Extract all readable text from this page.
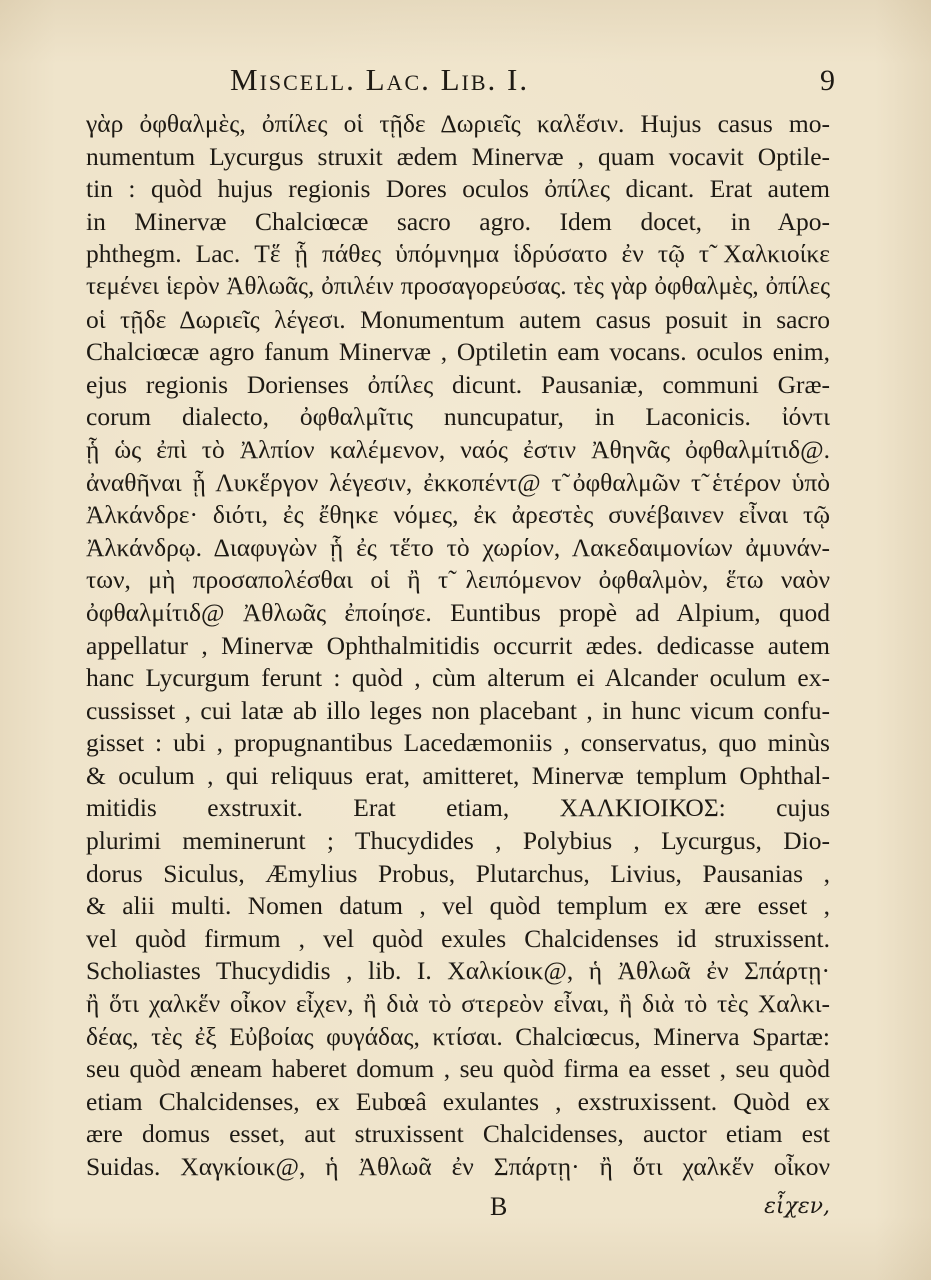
Miscell. Lac. Lib. I.	9
γὰρ ὀφθαλμὲς, ὀπίλες οἱ τῇδε Δωριεῖς καλἕσιν. Hujus casus mo-
numentum Lycurgus struxit ædem Minervæ , quam vocavit Optile-
tin : quòd hujus regionis Dores oculos ὀπίλες dicant. Erat autem
in Minervæ Chalciœcæ sacro agro. Idem docet, in Apo-
phthegm. Lac. Τἕ ᾗ πάθες ὑπόμνημα ἱδρύσατο ἐν τῷ τ̃ Χαλκιοίκε
τεμένει ἱερὸν Ἀθλωᾶς, ὀπιλέιν προσαγορεύσας. τὲς γὰρ ὀφθαλμὲς, ὀπίλες
οἱ τῇδε Δωριεῖς λέγεσι. Monumentum autem casus posuit in sacro
Chalciœcæ agro fanum Minervæ , Optiletin eam vocans. oculos enim,
ejus regionis Dorienses ὀπίλες dicunt. Pausaniæ, communi Græ-
corum dialecto, ὀφθαλμῖτις nuncupatur, in Laconicis. ἰόντι
ᾗ ὡς ἐπὶ τὸ Ἀλπίον καλέμενον, ναός ἐστιν Ἀθηνᾶς ὀφθαλμίτιδ@.
ἀναθῆναι ᾗ Λυκἕργον λέγεσιν, ἐκκοπέντ@ τ̃ ὀφθαλμῶν τ̃ ἑτέρον ὑπὸ
Ἀλκάνδρε· διότι, ἐς ἔθηκε νόμες, ἐκ ἀρεστὲς συνέβαινεν εἶναι τῷ
Ἀλκάνδρῳ. Διαφυγὼν ᾗ ἐς τἕτο τὸ χωρίον, Λακεδαιμονίων ἀμυνάν-
των, μὴ προσαπολέσθαι οἱ ἢ τ̃ λειπόμενον ὀφθαλμὸν, ἕτω ναὸν
ὀφθαλμίτιδ@ Ἀθλωᾶς ἐποίησε. Euntibus propè ad Alpium, quod
appellatur , Minervæ Ophthalmitidis occurrit ædes. dedicasse autem
hanc Lycurgum ferunt : quòd , cùm alterum ei Alcander oculum ex-
cussisset , cui latæ ab illo leges non placebant , in hunc vicum confu-
gisset : ubi , propugnantibus Lacedæmoniis , conservatus, quo minùs
& oculum , qui reliquus erat, amitteret, Minervæ templum Ophthal-
mitidis exstruxit. Erat etiam, ΧΑΛΚΙΟΙΚΟΣ: cujus
plurimi meminerunt ; Thucydides , Polybius , Lycurgus, Dio-
dorus Siculus, Æmylius Probus, Plutarchus, Livius, Pausanias ,
& alii multi. Nomen datum , vel quòd templum ex ære esset ,
vel quòd firmum , vel quòd exules Chalcidenses id struxissent.
Scholiastes Thucydidis , lib. I. Χαλκίοικ@, ἡ Ἀθλωᾶ ἐν Σπάρτῃ·
ἢ ὅτι χαλκἕν οἶκον εἶχεν, ἢ διὰ τὸ στερεὸν εἶναι, ἢ διὰ τὸ τὲς Χαλκι-
δέας, τὲς ἐξ Εὐβοίας φυγάδας, κτίσαι. Chalciœcus, Minerva Spartæ:
seu quòd æneam haberet domum , seu quòd firma ea esset , seu quòd
etiam Chalcidenses, ex Eubœâ exulantes , exstruxissent. Quòd ex
ære domus esset, aut struxissent Chalcidenses, auctor etiam est
Suidas. Χαγκίοικ@, ἡ Ἀθλωᾶ ἐν Σπάρτῃ· ἢ ὅτι χαλκἕν οἶκον
B	εἶχεν,
